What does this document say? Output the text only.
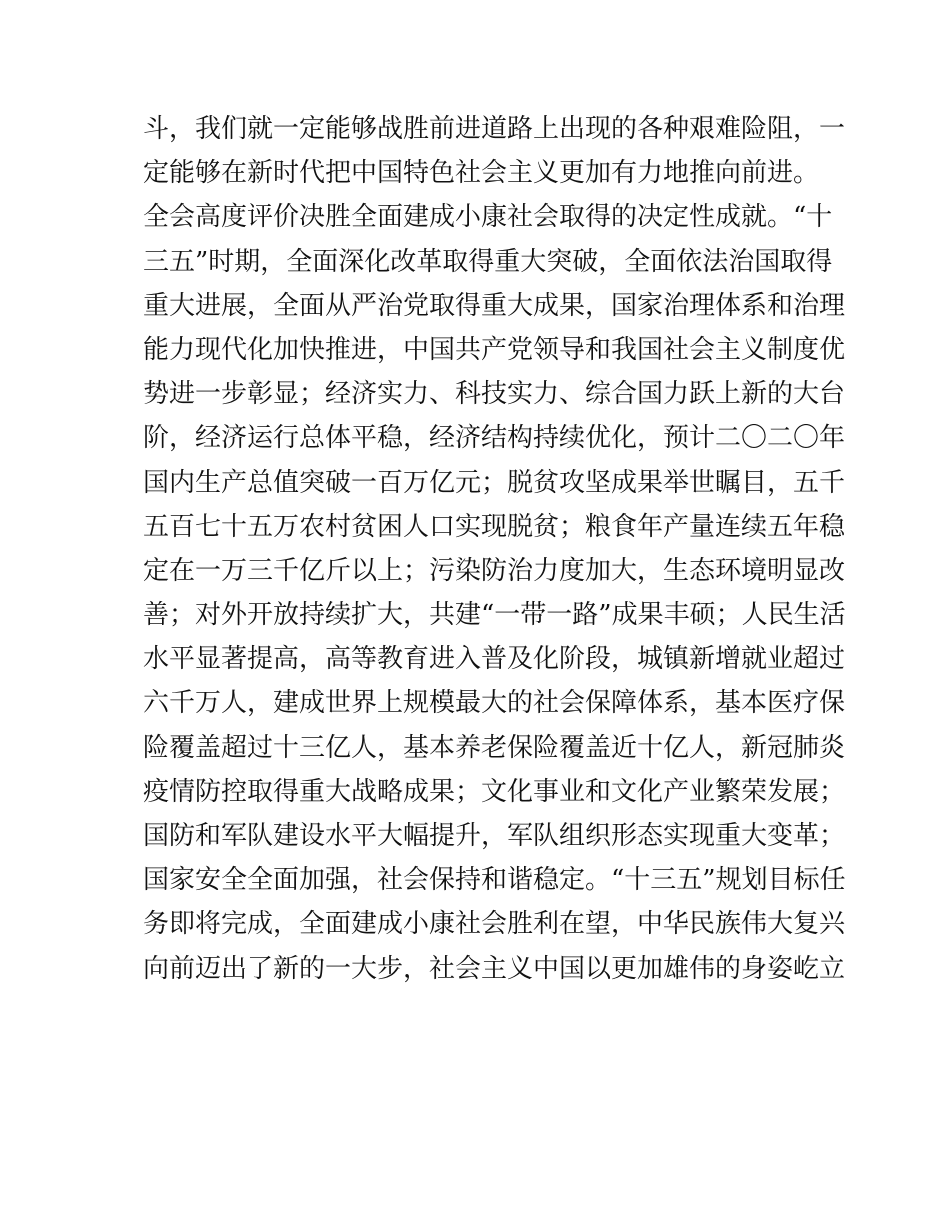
斗，我们就一定能够战胜前进道路上出现的各种艰难险阻，一
定能够在新时代把中国特色社会主义更加有力地推向前进。
全会高度评价决胜全面建成小康社会取得的决定性成就。“十
三五”时期，全面深化改革取得重大突破，全面依法治国取得
重大进展，全面从严治党取得重大成果，国家治理体系和治理
能力现代化加快推进，中国共产党领导和我国社会主义制度优
势进一步彰显；经济实力、科技实力、综合国力跃上新的大台
阶，经济运行总体平稳，经济结构持续优化，预计二〇二〇年
国内生产总值突破一百万亿元；脱贫攻坚成果举世瞩目，五千
五百七十五万农村贫困人口实现脱贫；粮食年产量连续五年稳
定在一万三千亿斤以上；污染防治力度加大，生态环境明显改
善；对外开放持续扩大，共建“一带一路”成果丰硕；人民生活
水平显著提高，高等教育进入普及化阶段，城镇新增就业超过
六千万人，建成世界上规模最大的社会保障体系，基本医疗保
险覆盖超过十三亿人，基本养老保险覆盖近十亿人，新冠肺炎
疫情防控取得重大战略成果；文化事业和文化产业繁荣发展；
国防和军队建设水平大幅提升，军队组织形态实现重大变革；
国家安全全面加强，社会保持和谐稳定。“十三五”规划目标任
务即将完成，全面建成小康社会胜利在望，中华民族伟大复兴
向前迈出了新的一大步，社会主义中国以更加雄伟的身姿屹立
